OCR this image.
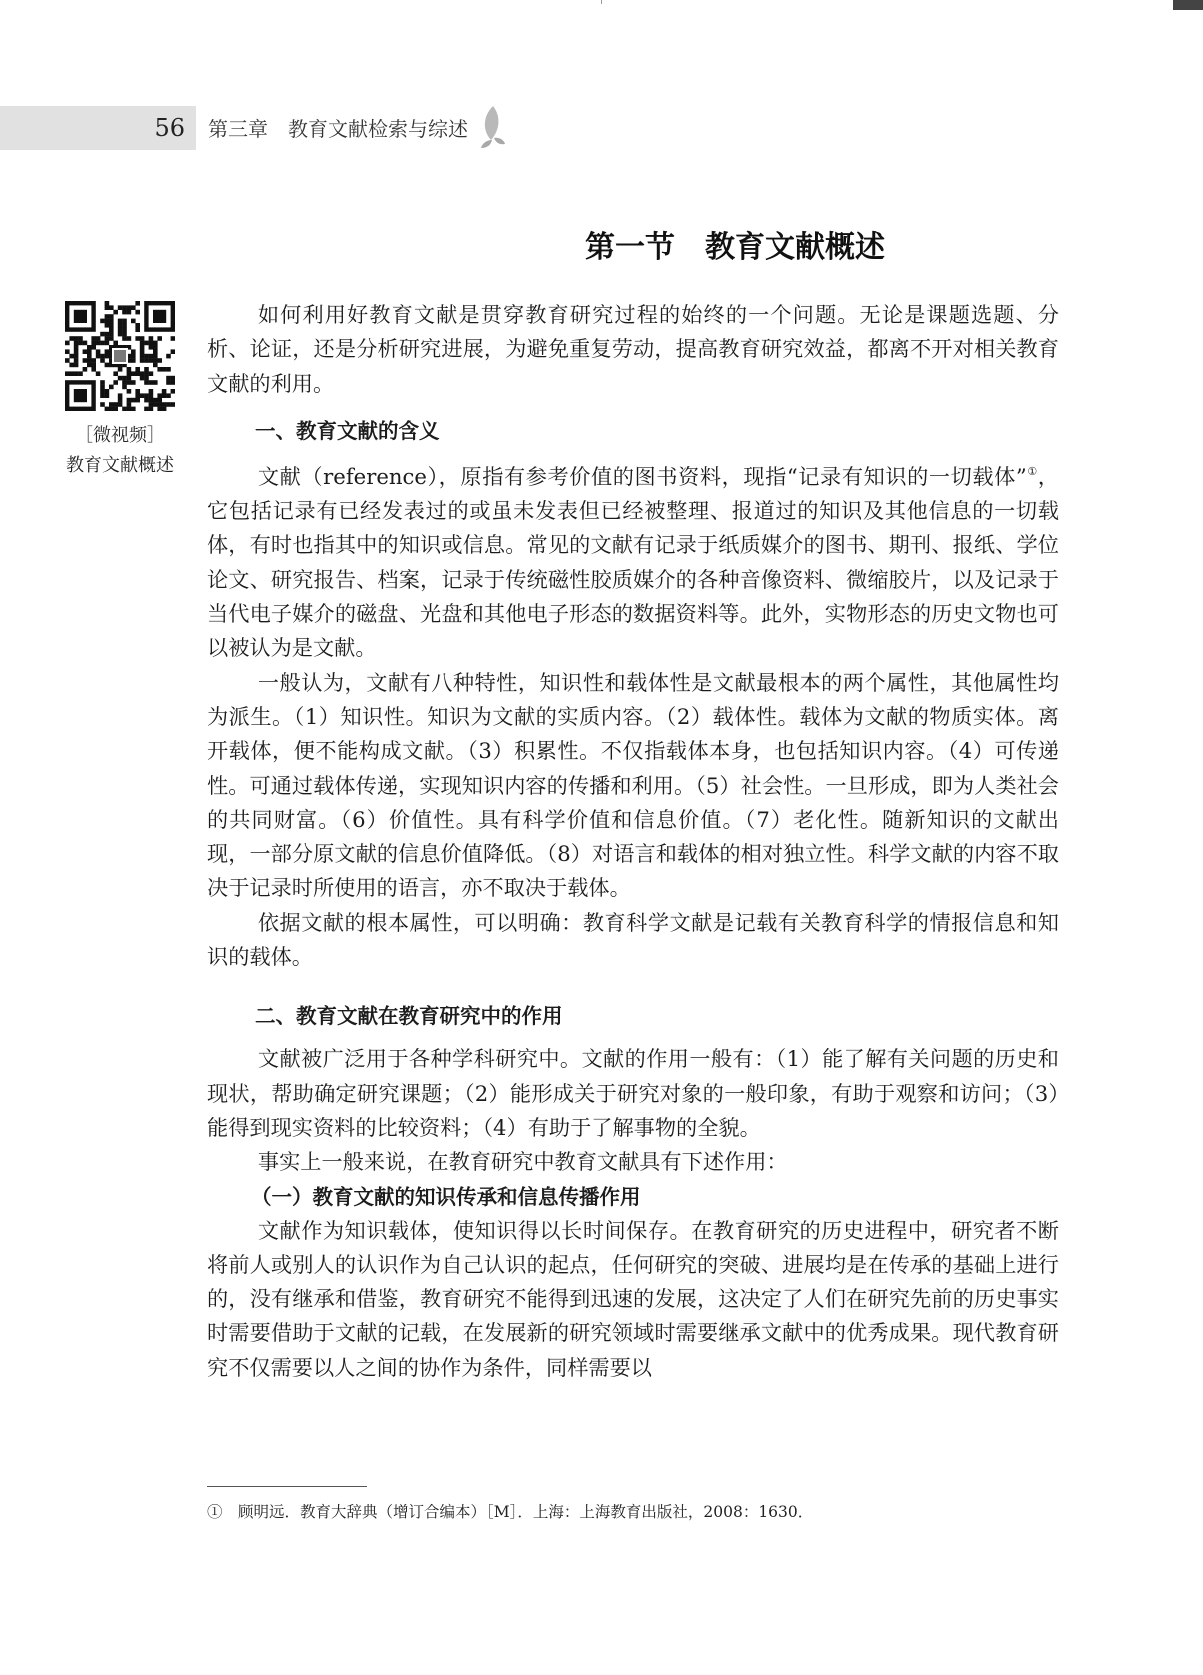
56 第三章　教育文献检索与综述
第一节　教育文献概述
［微视频］
教育文献概述

如何利用好教育文献是贯穿教育研究过程的始终的一个问题。无论是课题选题、分析、论证，还是分析研究进展，为避免重复劳动，提高教育研究效益，都离不开对相关教育文献的利用。

一、教育文献的含义

文献（reference），原指有参考价值的图书资料，现指“记录有知识的一切载体”①，它包括记录有已经发表过的或虽未发表但已经被整理、报道过的知识及其他信息的一切载体，有时也指其中的知识或信息。常见的文献有记录于纸质媒介的图书、期刊、报纸、学位论文、研究报告、档案，记录于传统磁性胶质媒介的各种音像资料、微缩胶片，以及记录于当代电子媒介的磁盘、光盘和其他电子形态的数据资料等。此外，实物形态的历史文物也可以被认为是文献。

一般认为，文献有八种特性，知识性和载体性是文献最根本的两个属性，其他属性均为派生。（1）知识性。知识为文献的实质内容。（2）载体性。载体为文献的物质实体。离开载体，便不能构成文献。（3）积累性。不仅指载体本身，也包括知识内容。（4）可传递性。可通过载体传递，实现知识内容的传播和利用。（5）社会性。一旦形成，即为人类社会的共同财富。（6）价值性。具有科学价值和信息价值。（7）老化性。随新知识的文献出现，一部分原文献的信息价值降低。（8）对语言和载体的相对独立性。科学文献的内容不取决于记录时所使用的语言，亦不取决于载体。

依据文献的根本属性，可以明确：教育科学文献是记载有关教育科学的情报信息和知识的载体。

二、教育文献在教育研究中的作用

文献被广泛用于各种学科研究中。文献的作用一般有：（1）能了解有关问题的历史和现状，帮助确定研究课题；（2）能形成关于研究对象的一般印象，有助于观察和访问；（3）能得到现实资料的比较资料；（4）有助于了解事物的全貌。

事实上一般来说，在教育研究中教育文献具有下述作用：

（一）教育文献的知识传承和信息传播作用

文献作为知识载体，使知识得以长时间保存。在教育研究的历史进程中，研究者不断将前人或别人的认识作为自己认识的起点，任何研究的突破、进展均是在传承的基础上进行的，没有继承和借鉴，教育研究不能得到迅速的发展，这决定了人们在研究先前的历史事实时需要借助于文献的记载，在发展新的研究领域时需要继承文献中的优秀成果。现代教育研究不仅需要以人之间的协作为条件，同样需要以

①　顾明远．教育大辞典（增订合编本）［M］．上海：上海教育出版社，2008：1630．
